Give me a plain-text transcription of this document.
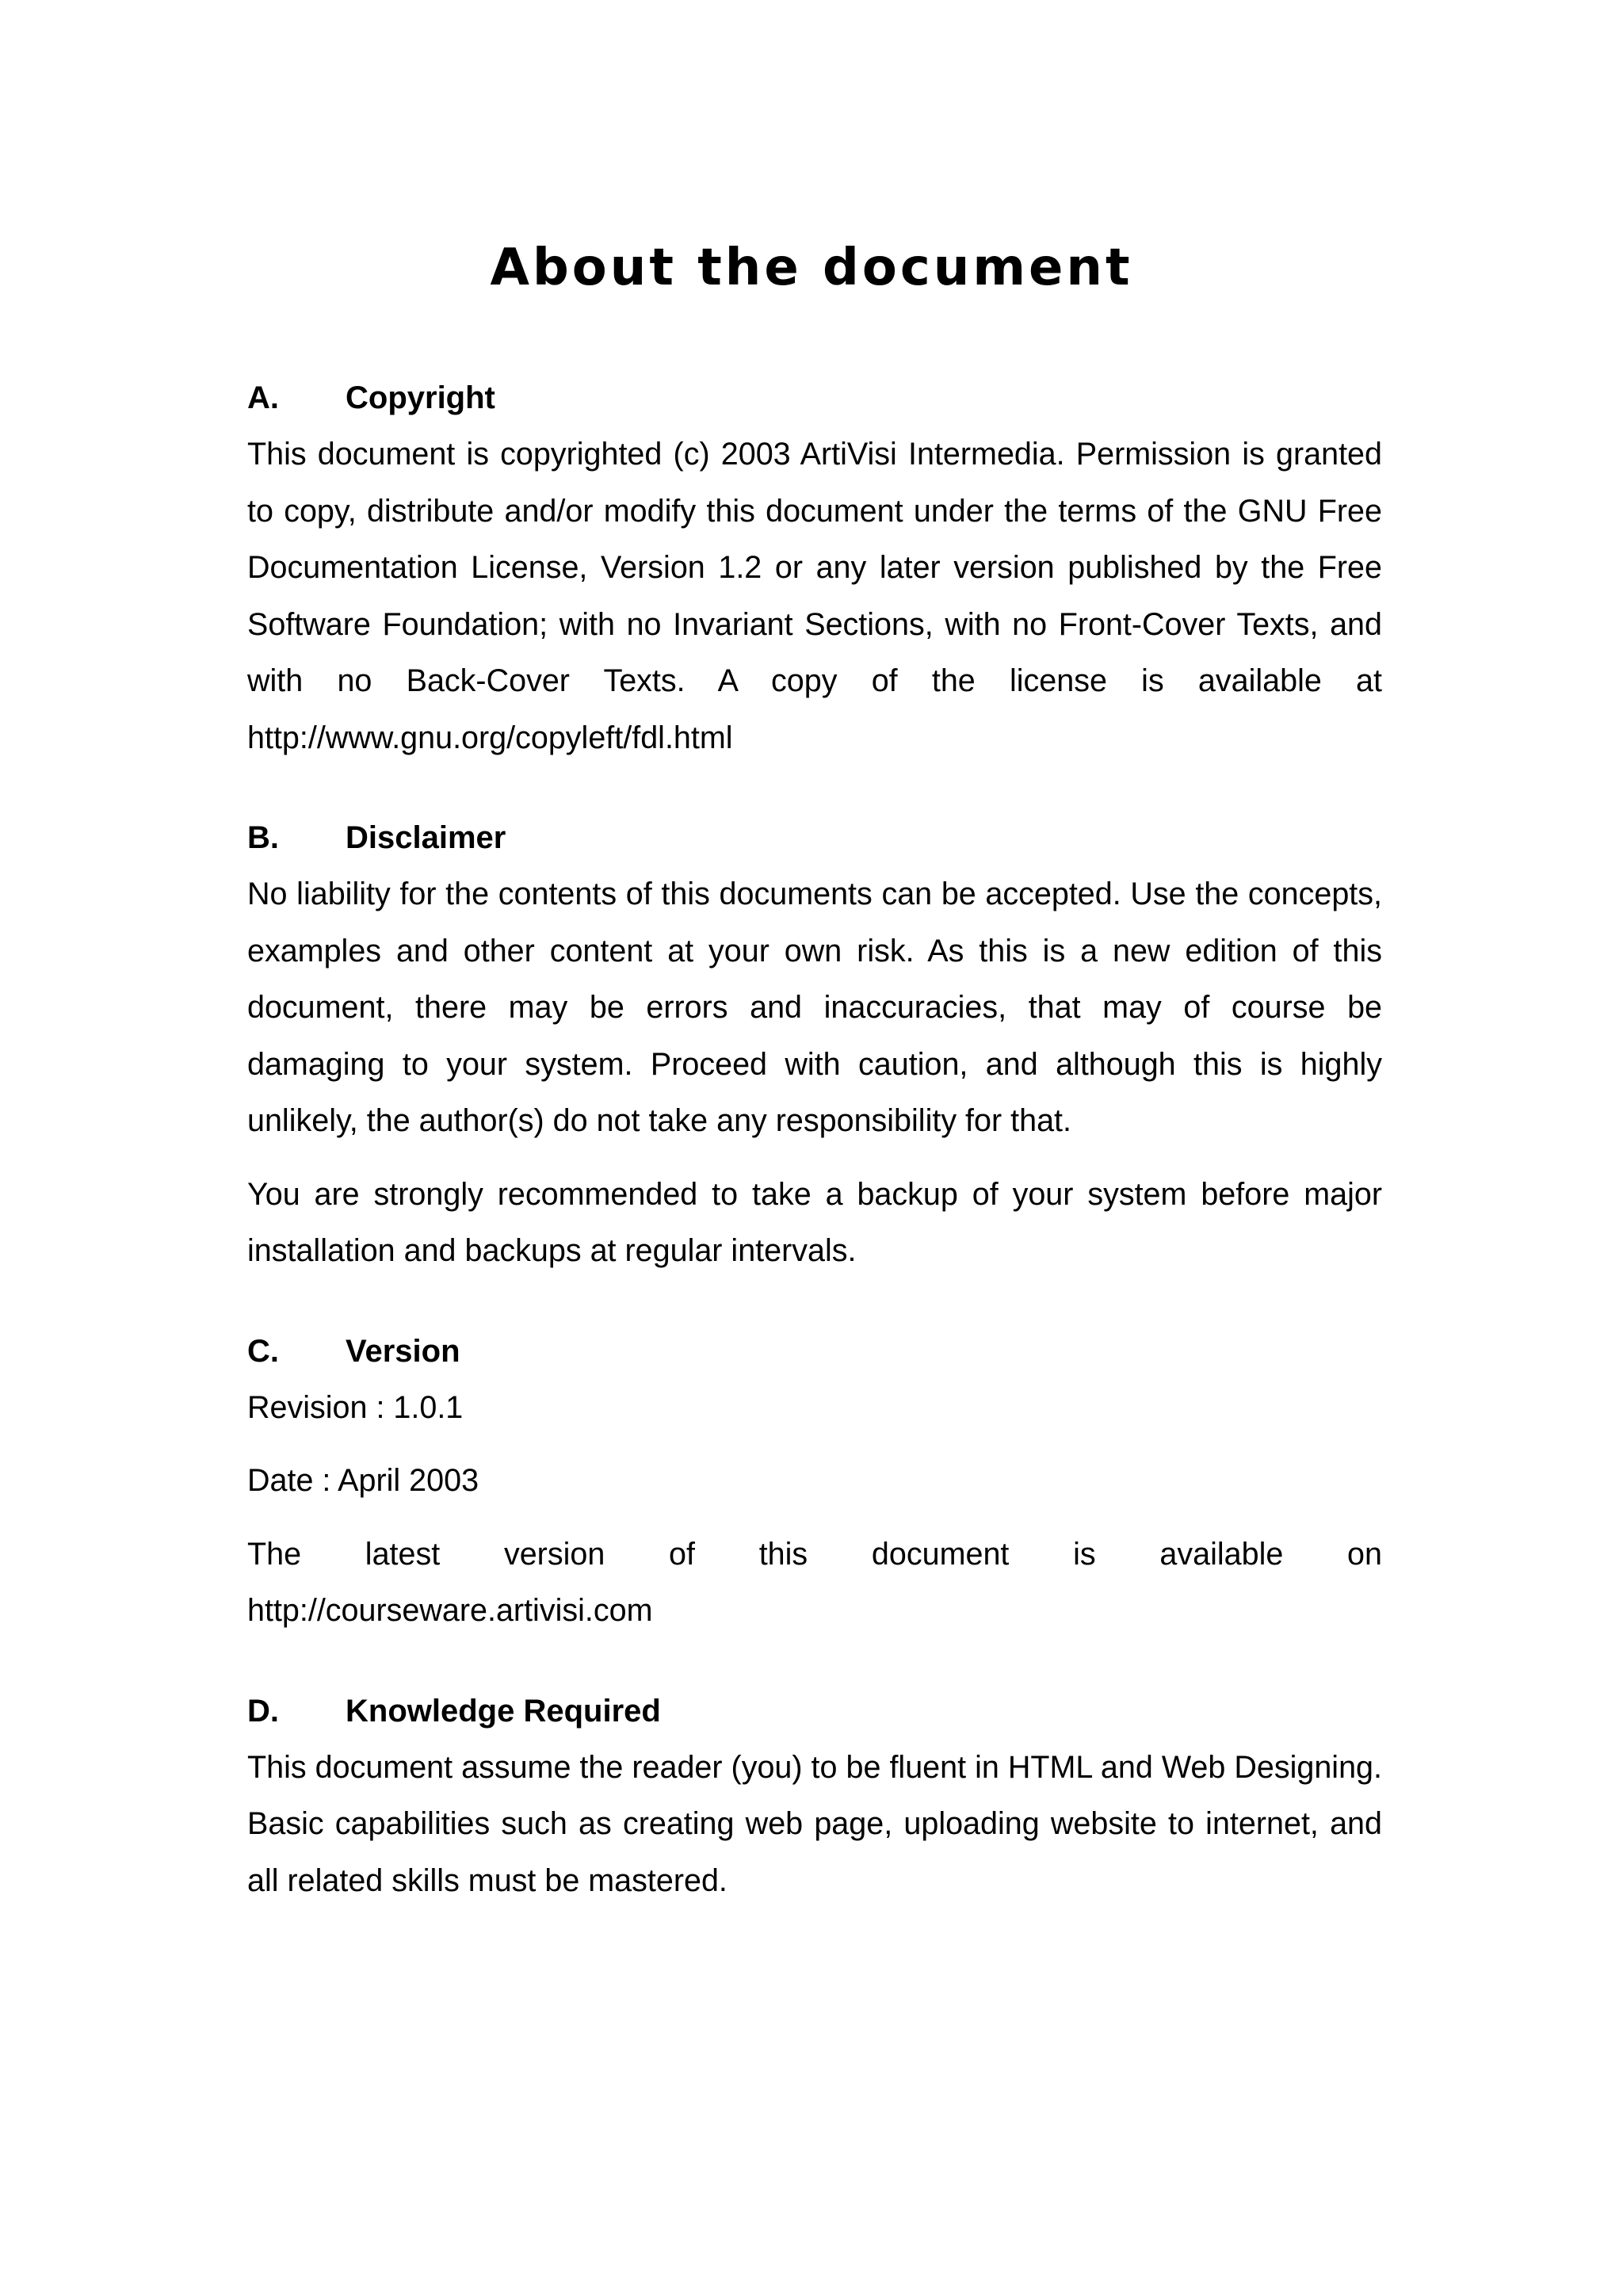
About the document
A.	Copyright

This document is copyrighted (c) 2003 ArtiVisi Intermedia. Permission is granted to copy, distribute and/or modify this document under the terms of the GNU Free Documentation License, Version 1.2 or any later version published by the Free Software Foundation; with no Invariant Sections, with no Front-Cover Texts, and with no Back-Cover Texts. A copy of the license is available at http://www.gnu.org/copyleft/fdl.html

B.	Disclaimer

No liability for the contents of this documents can be accepted. Use the concepts, examples and other content at your own risk. As this is a new edition of this document, there may be errors and inaccuracies, that may of course be damaging to your system. Proceed with caution, and although this is highly unlikely, the author(s) do not take any responsibility for that.

You are strongly recommended to take a backup of your system before major installation and backups at regular intervals.

C.	Version

Revision : 1.0.1

Date : April 2003

The latest version of this document is available on

http://courseware.artivisi.com

D.	Knowledge Required

This document assume the reader (you) to be fluent in HTML and Web Designing. Basic capabilities such as creating web page, uploading website to internet, and all related skills must be mastered.
